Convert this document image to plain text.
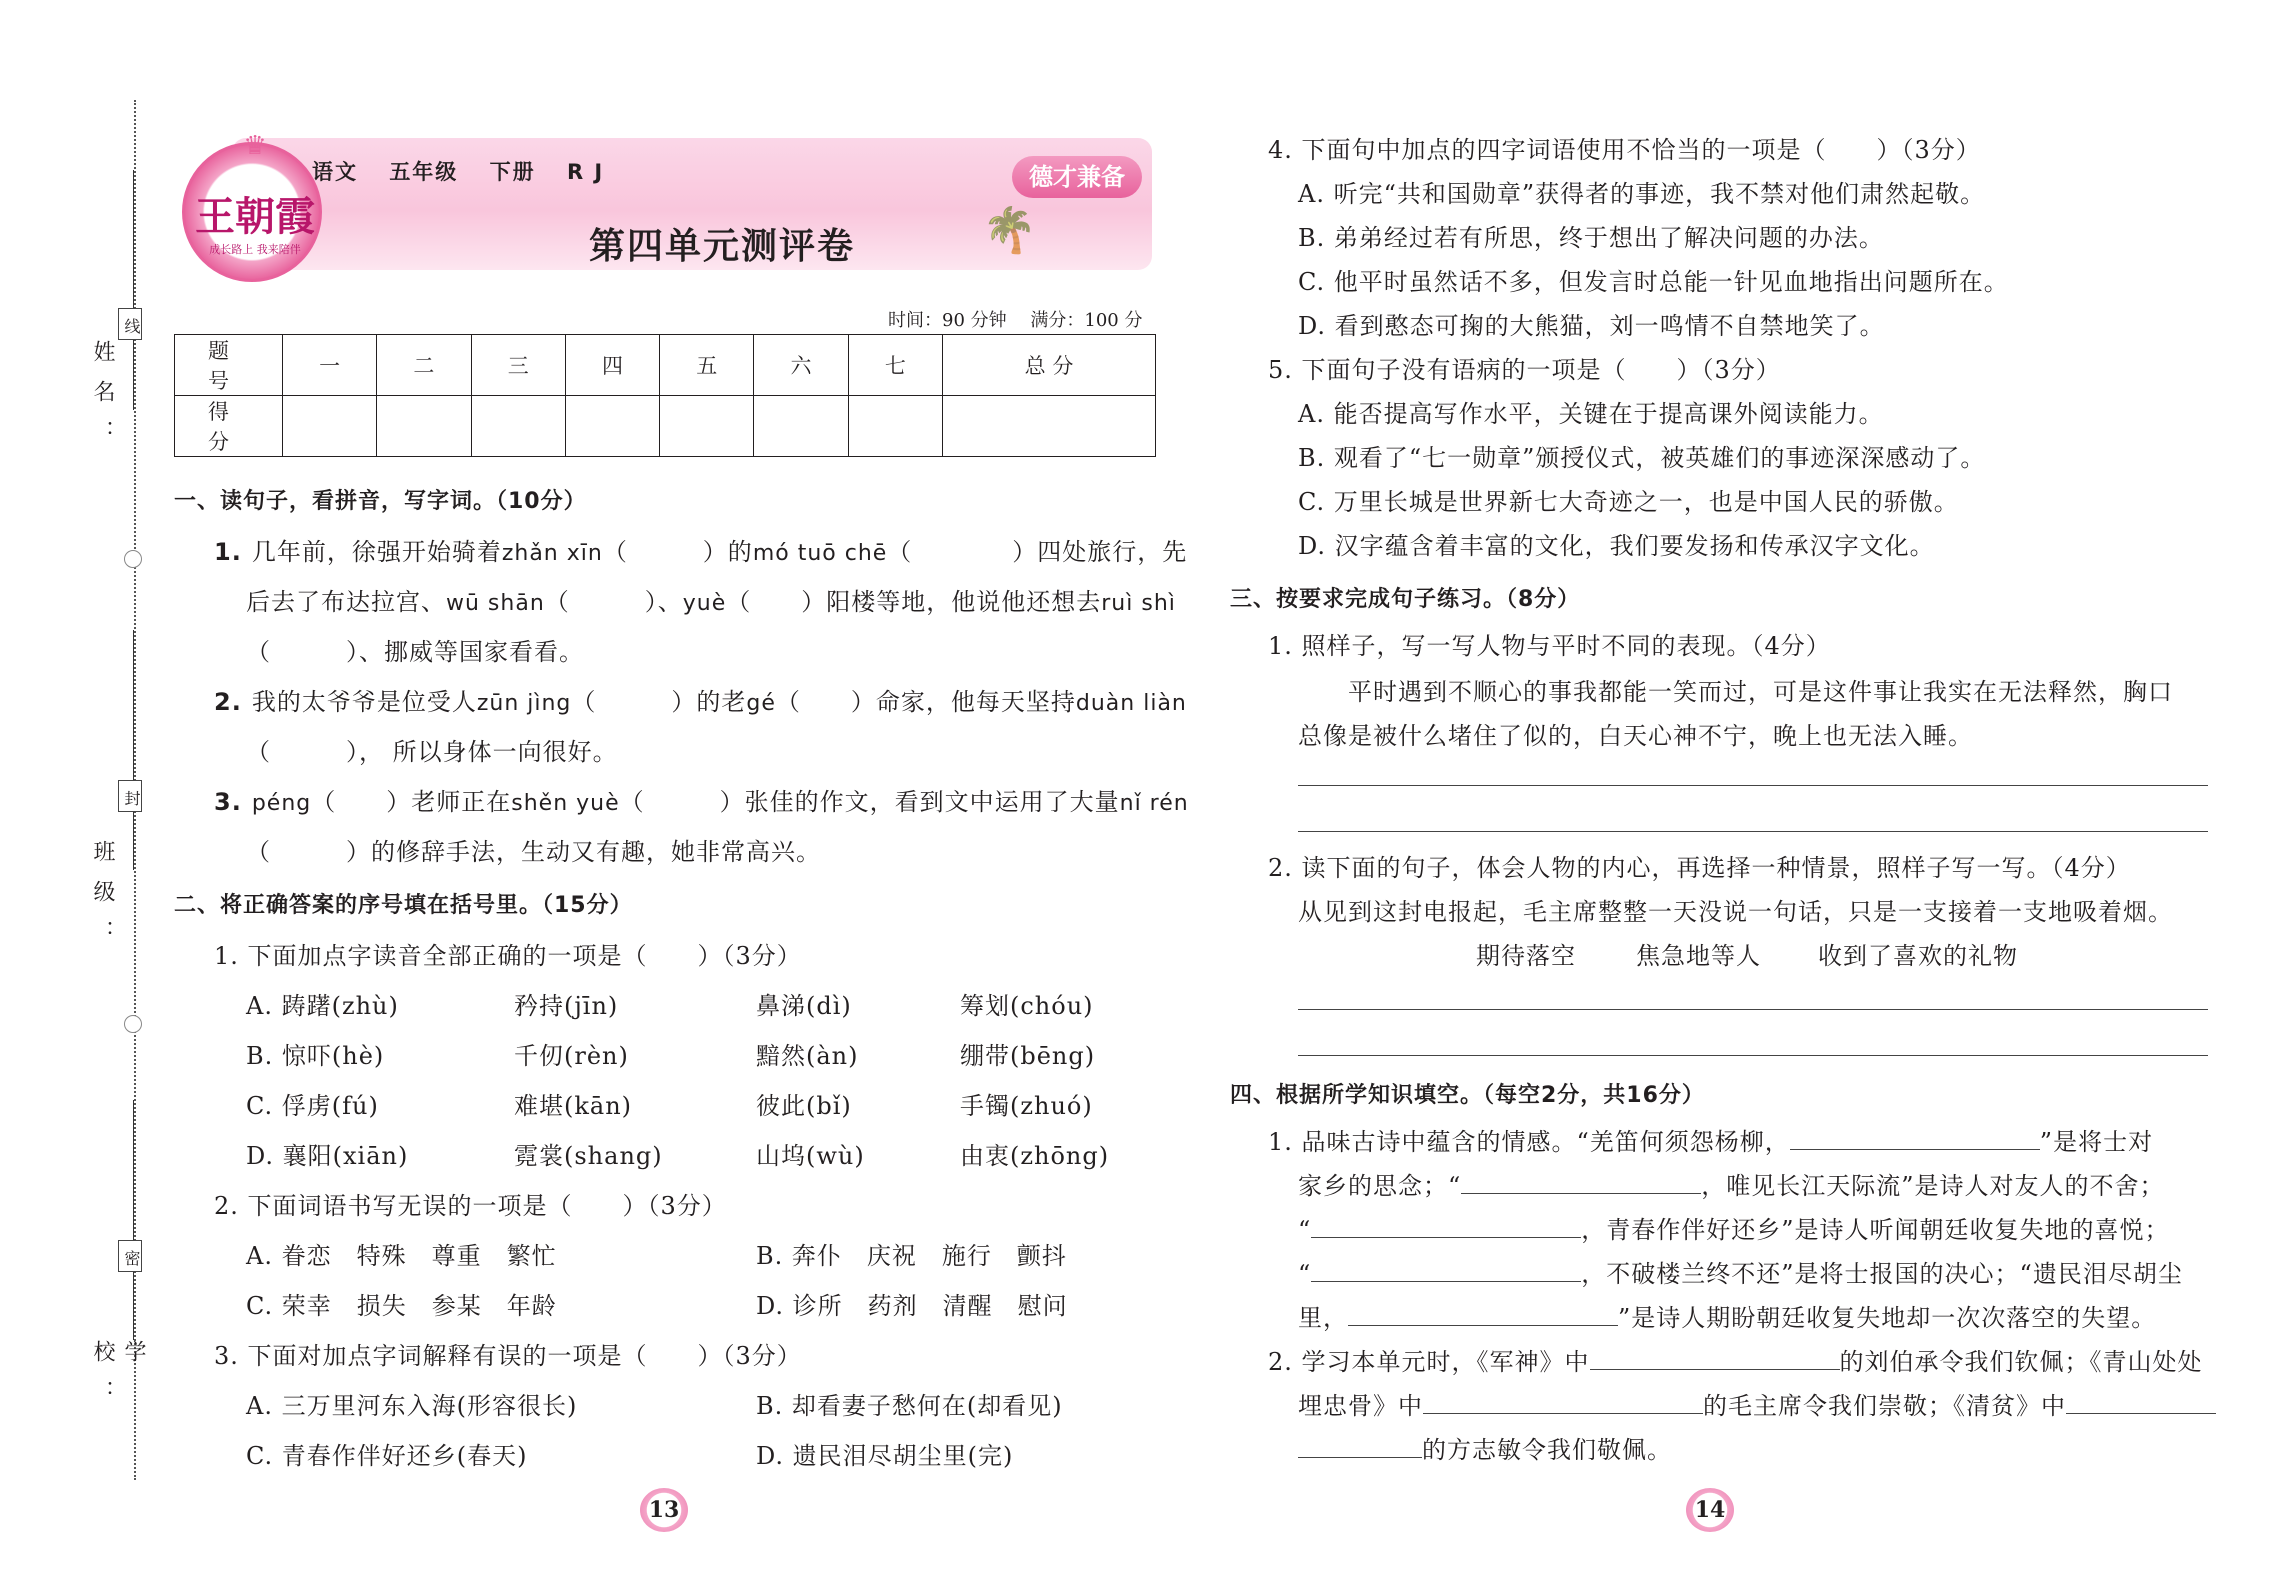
姓名：
班级：
学校：
线
封
密
♛
王朝霞
成长路上 我来陪伴
语文 五年级 下册 R J
第四单元测评卷
德才兼备
🌴
时间：90 分钟 满分：100 分
题 号	一	二	三	四	五	六	七	总 分
得 分								
一、读句子，看拼音，写字词。（10分）
1. 几年前，徐强开始骑着zhǎn xīn（　　　）的mó tuō chē（　　　　）四处旅行，先
后去了布达拉宫、wū shān（　　　）、yuè（　　）阳楼等地，他说他还想去ruì shì
（　　　）、挪威等国家看看。
2. 我的太爷爷是位受人zūn jìng（　　　）的老gé（　　）命家，他每天坚持duàn liàn
（　　　）， 所以身体一向很好。
3. péng（　　）老师正在shěn yuè（　　　）张佳的作文，看到文中运用了大量nǐ rén
（　　　）的修辞手法，生动又有趣，她非常高兴。
二、将正确答案的序号填在括号里。（15分）
1. 下面加点字读音全部正确的一项是（　　）（3分）
A. 踌躇(zhù)	矜持(jīn)	鼻涕(dì)	筹划(chóu)
B. 惊吓(hè)	千仞(rèn)	黯然(àn)	绷带(bēng)
C. 俘虏(fú)	难堪(kān)	彼此(bǐ)	手镯(zhuó)
D. 襄阳(xiān)	霓裳(shang)	山坞(wù)	由衷(zhōng)
2. 下面词语书写无误的一项是（　　）（3分）
A. 眷恋　特殊　尊重　繁忙	B. 奔仆　庆祝　施行　颤抖
C. 荣幸　损失　参某　年龄	D. 诊所　药剂　清醒　慰问
3. 下面对加点字词解释有误的一项是（　　）（3分）
A. 三万里河东入海(形容很长)	B. 却看妻子愁何在(却看见)
C. 青春作伴好还乡(春天)	D. 遗民泪尽胡尘里(完)
13
4. 下面句中加点的四字词语使用不恰当的一项是（　　）（3分）
A. 听完“共和国勋章”获得者的事迹，我不禁对他们肃然起敬。
B. 弟弟经过若有所思，终于想出了解决问题的办法。
C. 他平时虽然话不多，但发言时总能一针见血地指出问题所在。
D. 看到憨态可掬的大熊猫，刘一鸣情不自禁地笑了。
5. 下面句子没有语病的一项是（　　）（3分）
A. 能否提高写作水平，关键在于提高课外阅读能力。
B. 观看了“七一勋章”颁授仪式，被英雄们的事迹深深感动了。
C. 万里长城是世界新七大奇迹之一，也是中国人民的骄傲。
D. 汉字蕴含着丰富的文化，我们要发扬和传承汉字文化。
三、按要求完成句子练习。（8分）
1. 照样子，写一写人物与平时不同的表现。（4分）
平时遇到不顺心的事我都能一笑而过，可是这件事让我实在无法释然，胸口
总像是被什么堵住了似的，白天心神不宁，晚上也无法入睡。
2. 读下面的句子，体会人物的内心，再选择一种情景，照样子写一写。（4分）
从见到这封电报起，毛主席整整一天没说一句话，只是一支接着一支地吸着烟。
期待落空	焦急地等人 收到了喜欢的礼物
四、根据所学知识填空。（每空2分，共16分）
1. 品味古诗中蕴含的情感。“羌笛何须怨杨柳，	”是将士对
家乡的思念；“	，唯见长江天际流”是诗人对友人的不舍；
“	，青春作伴好还乡”是诗人听闻朝廷收复失地的喜悦；
“	，不破楼兰终不还”是将士报国的决心；“遗民泪尽胡尘
里，	”是诗人期盼朝廷收复失地却一次次落空的失望。
2. 学习本单元时，《军神》中	的刘伯承令我们钦佩；《青山处处
埋忠骨》中	的毛主席令我们崇敬；《清贫》中
的方志敏令我们敬佩。
14
